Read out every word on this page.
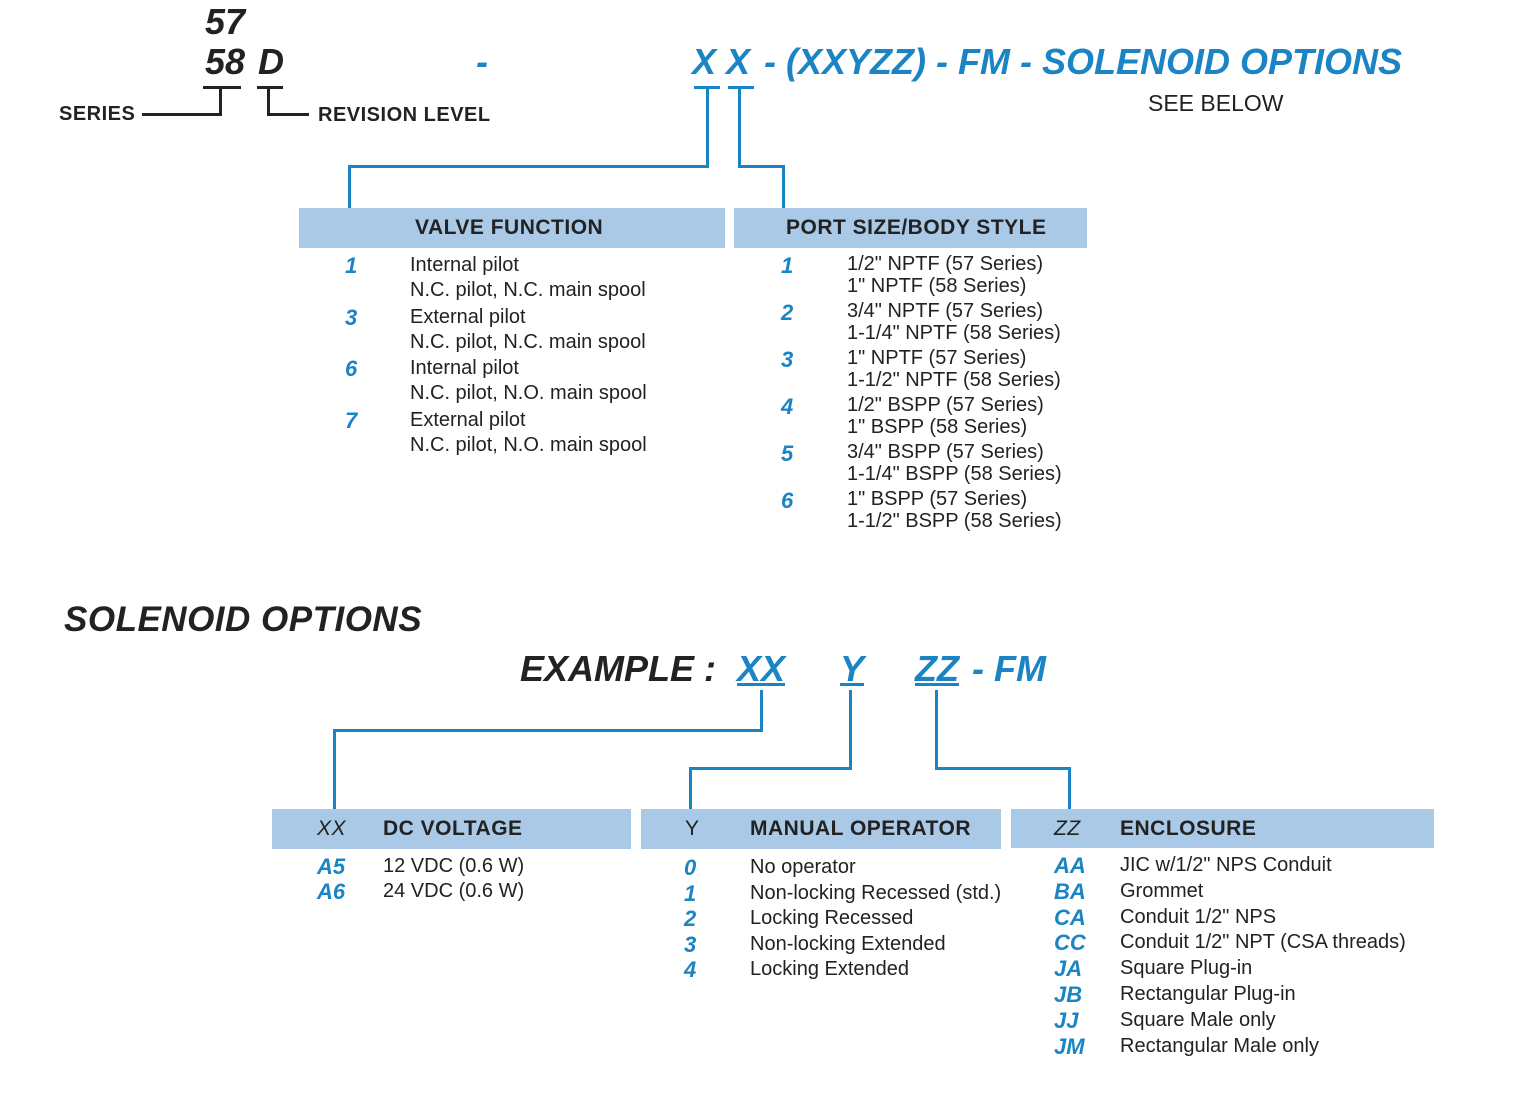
57
58 D	-	X X - (XXYZZ) - FM - SOLENOID OPTIONS
SEE BELOW
SERIES	REVISION LEVEL
VALVE FUNCTION
1	Internal pilot
N.C. pilot, N.C. main spool
3	External pilot
N.C. pilot, N.C. main spool
6	Internal pilot
N.C. pilot, N.O. main spool
7	External pilot
N.C. pilot, N.O. main spool
PORT SIZE/BODY STYLE
1	1/2" NPTF (57 Series)
1" NPTF (58 Series)
2	3/4" NPTF (57 Series)
1-1/4" NPTF (58 Series)
3	1" NPTF (57 Series)
1-1/2" NPTF (58 Series)
4	1/2" BSPP (57 Series)
1" BSPP (58 Series)
5	3/4" BSPP (57 Series)
1-1/4" BSPP (58 Series)
6	1" BSPP (57 Series)
1-1/2" BSPP (58 Series)
SOLENOID OPTIONS
EXAMPLE : XX Y ZZ - FM
XX DC VOLTAGE
A5 12 VDC (0.6 W)
A6 24 VDC (0.6 W)
Y MANUAL OPERATOR
0	No operator
1	Non-locking Recessed (std.)
2	Locking Recessed
3	Non-locking Extended
4	Locking Extended
ZZ ENCLOSURE
AA JIC w/1/2" NPS Conduit
BA Grommet
CA Conduit 1/2" NPS
CC Conduit 1/2" NPT (CSA threads)
JA Square Plug-in
JB Rectangular Plug-in
JJ Square Male only
JM Rectangular Male only
